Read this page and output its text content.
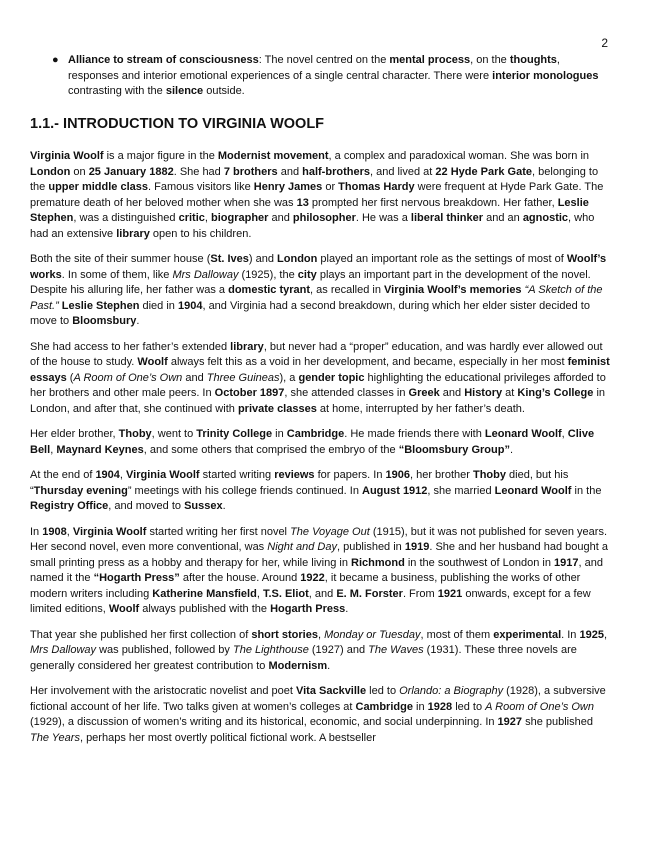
2
● Alliance to stream of consciousness: The novel centred on the mental process, on the thoughts, responses and interior emotional experiences of a single central character. There were interior monologues contrasting with the silence outside.
1.1.- INTRODUCTION TO VIRGINIA WOOLF

Virginia Woolf is a major figure in the Modernist movement, a complex and paradoxical woman. She was born in London on 25 January 1882. She had 7 brothers and half-brothers, and lived at 22 Hyde Park Gate, belonging to the upper middle class. Famous visitors like Henry James or Thomas Hardy were frequent at Hyde Park Gate. The premature death of her beloved mother when she was 13 prompted her first nervous breakdown. Her father, Leslie Stephen, was a distinguished critic, biographer and philosopher. He was a liberal thinker and an agnostic, who had an extensive library open to his children.

Both the site of their summer house (St. Ives) and London played an important role as the settings of most of Woolf’s works. In some of them, like Mrs Dalloway (1925), the city plays an important part in the development of the novel. Despite his alluring life, her father was a domestic tyrant, as recalled in Virginia Woolf’s memories “A Sketch of the Past.” Leslie Stephen died in 1904, and Virginia had a second breakdown, during which her elder sister decided to move to Bloomsbury.

She had access to her father’s extended library, but never had a “proper” education, and was hardly ever allowed out of the house to study. Woolf always felt this as a void in her development, and became, especially in her most feminist essays (A Room of One’s Own and Three Guineas), a gender topic highlighting the educational privileges afforded to her brothers and other male peers. In October 1897, she attended classes in Greek and History at King’s College in London, and after that, she continued with private classes at home, interrupted by her father’s death.

Her elder brother, Thoby, went to Trinity College in Cambridge. He made friends there with Leonard Woolf, Clive Bell, Maynard Keynes, and some others that comprised the embryo of the “Bloomsbury Group”.

At the end of 1904, Virginia Woolf started writing reviews for papers. In 1906, her brother Thoby died, but his “Thursday evening” meetings with his college friends continued. In August 1912, she married Leonard Woolf in the Registry Office, and moved to Sussex.

In 1908, Virginia Woolf started writing her first novel The Voyage Out (1915), but it was not published for seven years. Her second novel, even more conventional, was Night and Day, published in 1919. She and her husband had bought a small printing press as a hobby and therapy for her, while living in Richmond in the southwest of London in 1917, and named it the “Hogarth Press” after the house. Around 1922, it became a business, publishing the works of other modern writers including Katherine Mansfield, T.S. Eliot, and E. M. Forster. From 1921 onwards, except for a few limited editions, Woolf always published with the Hogarth Press.

That year she published her first collection of short stories, Monday or Tuesday, most of them experimental. In 1925, Mrs Dalloway was published, followed by The Lighthouse (1927) and The Waves (1931). These three novels are generally considered her greatest contribution to Modernism.

Her involvement with the aristocratic novelist and poet Vita Sackville led to Orlando: a Biography (1928), a subversive fictional account of her life. Two talks given at women’s colleges at Cambridge in 1928 led to A Room of One’s Own (1929), a discussion of women’s writing and its historical, economic, and social underpinning. In 1927 she published The Years, perhaps her most overtly political fictional work. A bestseller
